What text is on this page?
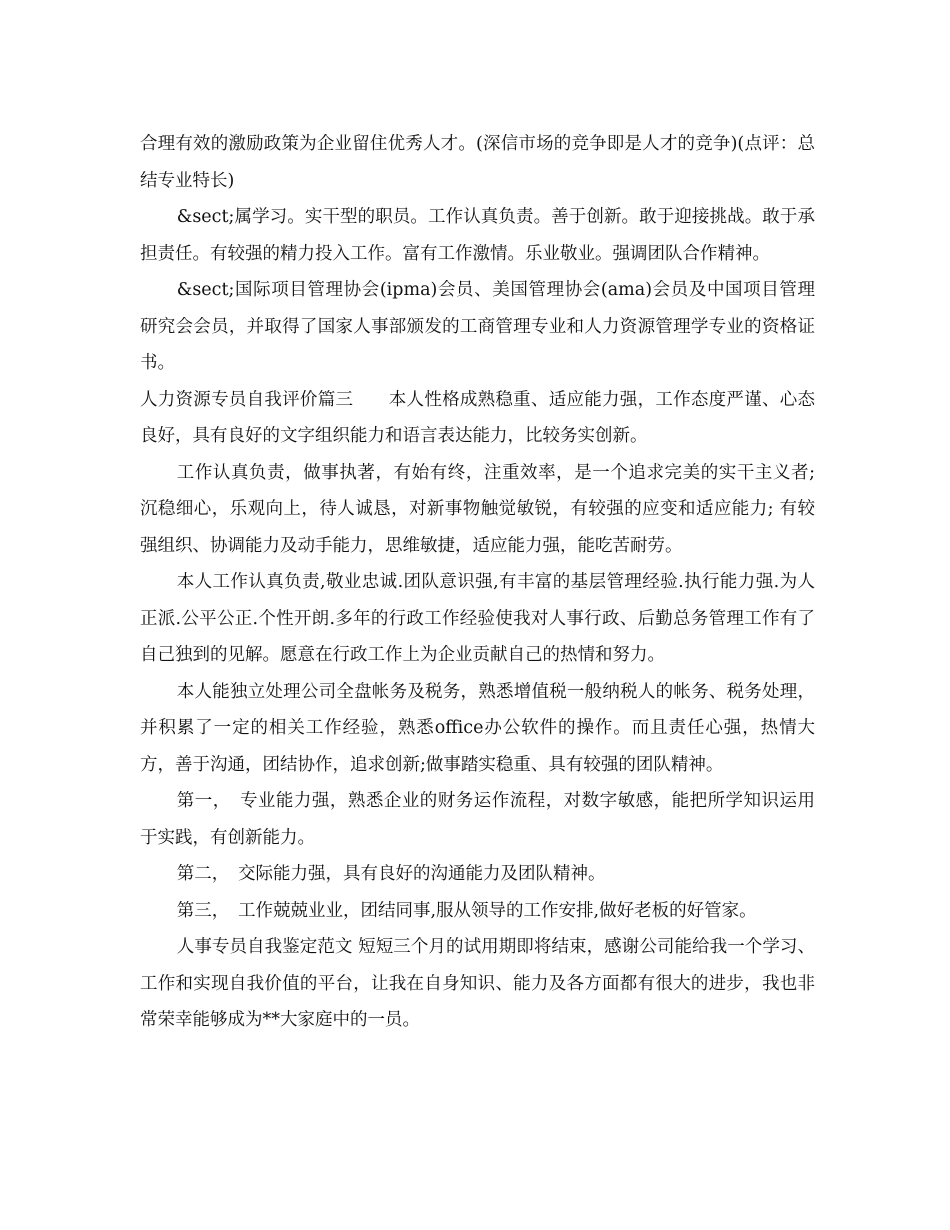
合理有效的激励政策为企业留住优秀人才。(深信市场的竞争即是人才的竞争)(点评：总结专业特长)

&sect;属学习。实干型的职员。工作认真负责。善于创新。敢于迎接挑战。敢于承担责任。有较强的精力投入工作。富有工作激情。乐业敬业。强调团队合作精神。

&sect;国际项目管理协会(ipma)会员、美国管理协会(ama)会员及中国项目管理研究会会员，并取得了国家人事部颁发的工商管理专业和人力资源管理学专业的资格证书。

人力资源专员自我评价篇三　　本人性格成熟稳重、适应能力强，工作态度严谨、心态良好，具有良好的文字组织能力和语言表达能力，比较务实创新。

工作认真负责，做事执著，有始有终，注重效率，是一个追求完美的实干主义者; 沉稳细心，乐观向上，待人诚恳，对新事物触觉敏锐，有较强的应变和适应能力; 有较强组织、协调能力及动手能力，思维敏捷，适应能力强，能吃苦耐劳。

本人工作认真负责,敬业忠诚.团队意识强,有丰富的基层管理经验.执行能力强.为人正派.公平公正.个性开朗.多年的行政工作经验使我对人事行政、后勤总务管理工作有了自己独到的见解。愿意在行政工作上为企业贡献自己的热情和努力。

本人能独立处理公司全盘帐务及税务，熟悉增值税一般纳税人的帐务、税务处理，并积累了一定的相关工作经验，熟悉office办公软件的操作。而且责任心强，热情大方，善于沟通，团结协作，追求创新;做事踏实稳重、具有较强的团队精神。

第一，　专业能力强，熟悉企业的财务运作流程，对数字敏感，能把所学知识运用于实践，有创新能力。

第二，　交际能力强，具有良好的沟通能力及团队精神。

第三，　工作兢兢业业，团结同事,服从领导的工作安排,做好老板的好管家。

人事专员自我鉴定范文 短短三个月的试用期即将结束，感谢公司能给我一个学习、工作和实现自我价值的平台，让我在自身知识、能力及各方面都有很大的进步，我也非常荣幸能够成为**大家庭中的一员。
